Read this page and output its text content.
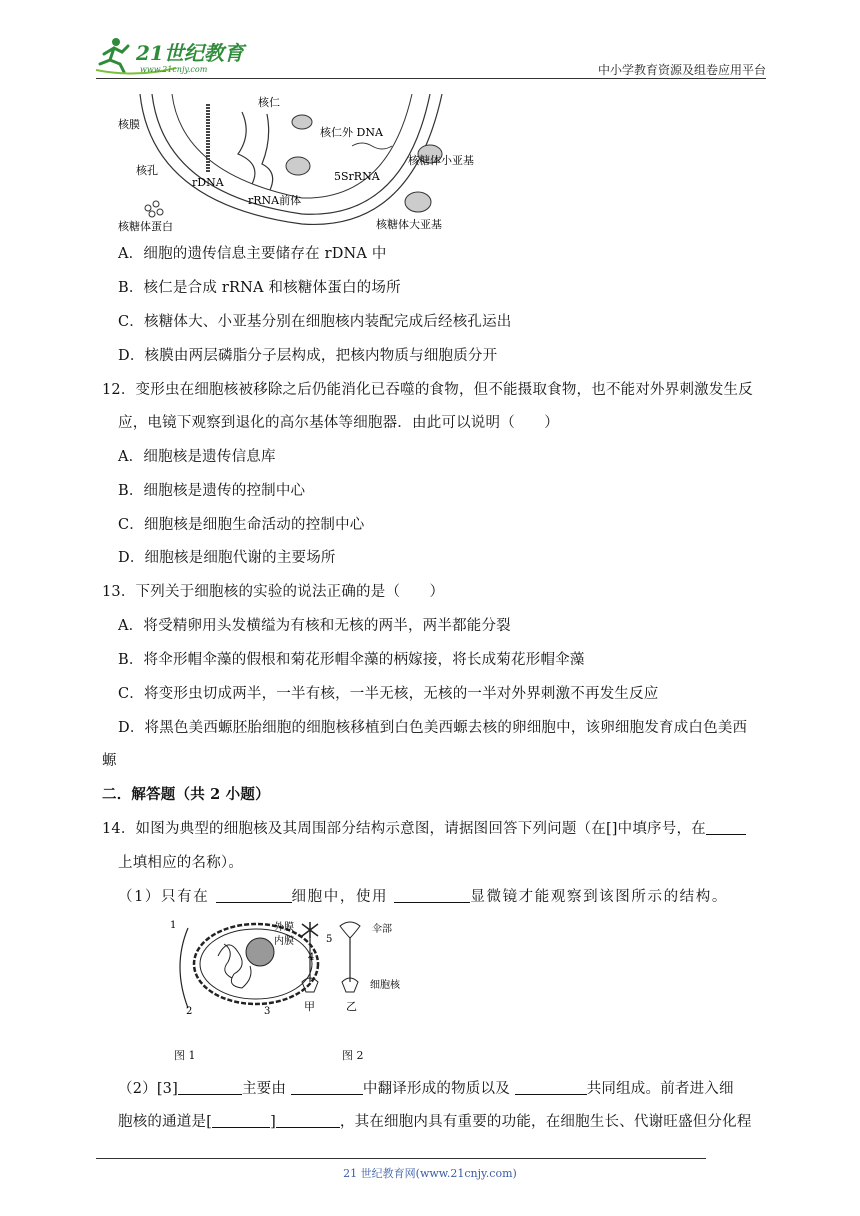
21世纪教育
www.21cnjy.com	中小学教育资源及组卷应用平台
核膜
核仁
核孔
核仁外 DNA
核糖体小亚基
rDNA	5SrRNA
rRNA前体
核糖体蛋白	核糖体大亚基
A．细胞的遗传信息主要储存在 rDNA 中
B．核仁是合成 rRNA 和核糖体蛋白的场所
C．核糖体大、小亚基分别在细胞核内装配完成后经核孔运出
D．核膜由两层磷脂分子层构成，把核内物质与细胞质分开
12．变形虫在细胞核被移除之后仍能消化已吞噬的食物，但不能摄取食物，也不能对外界刺激发生反
应，电镜下观察到退化的高尔基体等细胞器．由此可以说明（　　）
A．细胞核是遗传信息库
B．细胞核是遗传的控制中心
C．细胞核是细胞生命活动的控制中心
D．细胞核是细胞代谢的主要场所
13．下列关于细胞核的实验的说法正确的是（　　）
A．将受精卵用头发横缢为有核和无核的两半，两半都能分裂
B．将伞形帽伞藻的假根和菊花形帽伞藻的柄嫁接，将长成菊花形帽伞藻
C．将变形虫切成两半，一半有核，一半无核，无核的一半对外界刺激不再发生反应
D．将黑色美西螈胚胎细胞的细胞核移植到白色美西螈去核的卵细胞中，该卵细胞发育成白色美西
螈
二．解答题（共 2 小题）
14．如图为典型的细胞核及其周围部分结构示意图，请据图回答下列问题（在[]中填序号，在
上填相应的名称）。
（1）只有在	细胞中，使用	显微镜才能观察到该图所示的结构。
1
2	3
4
5
外膜
内膜
伞部
细胞核
甲	乙
图 1	图 2
（2）[3]	主要由	中翻译形成的物质以及	共同组成。前者进入细
胞核的通道是[	]	，其在细胞内具有重要的功能，在细胞生长、代谢旺盛但分化程
21 世纪教育网(www.21cnjy.com)
